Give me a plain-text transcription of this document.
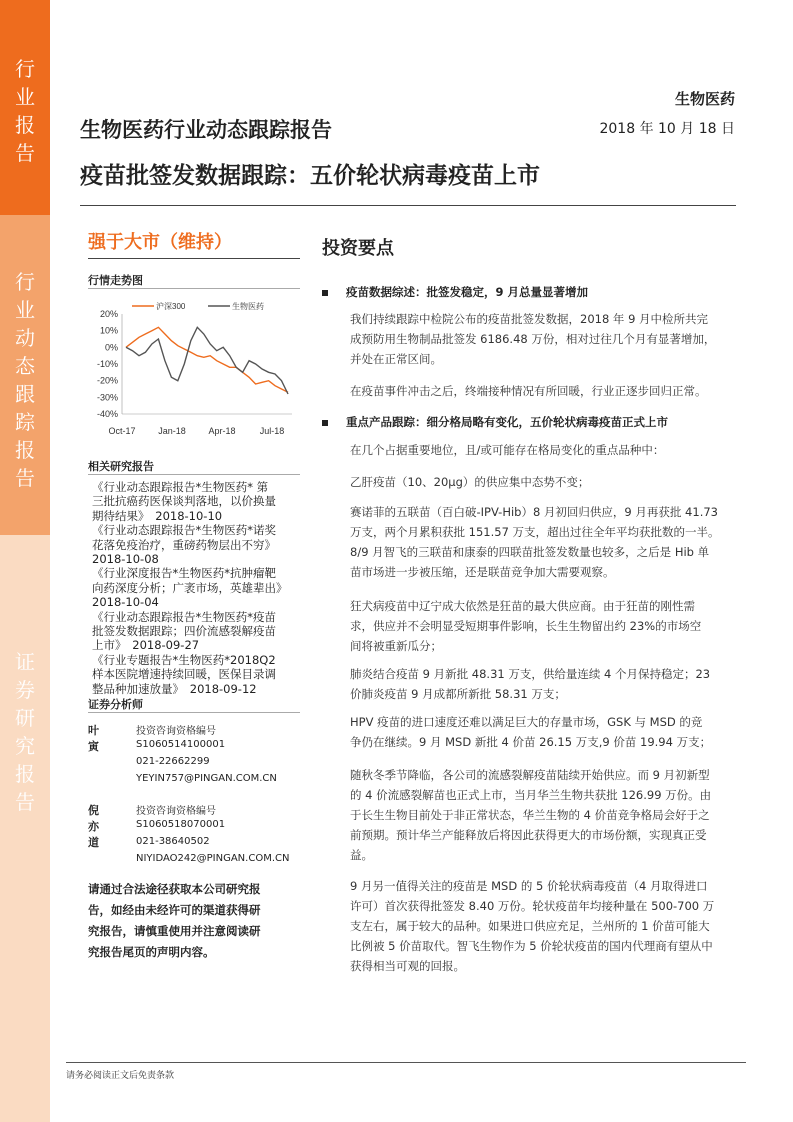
行
业
报
告
行
业
动
态
跟
踪
报
告
证
券
研
究
报
告
生物医药
生物医药行业动态跟踪报告	2018 年 10 月 18 日
疫苗批签发数据跟踪：五价轮状病毒疫苗上市
强于大市（维持）
行情走势图
20%
10%
0%
-10%
-20%
-30%
-40%
Oct-17	Jan-18	Apr-18	Jul-18
沪深300	生物医药
相关研究报告
《行业动态跟踪报告*生物医药* 第
三批抗癌药医保谈判落地，以价换量
期待结果》　2018-10-10
《行业动态跟踪报告*生物医药*诺奖
花落免疫治疗，重磅药物层出不穷》
2018-10-08
《行业深度报告*生物医药*抗肿瘤靶
向药深度分析；广袤市场，英雄辈出》
2018-10-04
《行业动态跟踪报告*生物医药*疫苗
批签发数据跟踪；四价流感裂解疫苗
上市》　2018-09-27
《行业专题报告*生物医药*2018Q2
样本医院增速持续回暖，医保目录调
整品种加速放量》　2018-09-12
证券分析师
叶寅
投资咨询资格编号
S1060514100001
021-22662299
YEYIN757@PINGAN.COM.CN
倪亦道
投资咨询资格编号
S1060518070001
021-38640502
NIYIDAO242@PINGAN.COM.CN
请通过合法途径获取本公司研究报
告，如经由未经许可的渠道获得研
究报告，请慎重使用并注意阅读研
究报告尾页的声明内容。
投资要点
疫苗数据综述：批签发稳定，9 月总量显著增加
我们持续跟踪中检院公布的疫苗批签发数据，2018 年 9 月中检所共完
成预防用生物制品批签发 6186.48 万份，相对过往几个月有显著增加，
并处在正常区间。
在疫苗事件冲击之后，终端接种情况有所回暖，行业正逐步回归正常。
重点产品跟踪：细分格局略有变化，五价轮状病毒疫苗正式上市
在几个占据重要地位，且/或可能存在格局变化的重点品种中：
乙肝疫苗（10、20μg）的供应集中态势不变；
赛诺菲的五联苗（百白破-IPV-Hib）8 月初回归供应，9 月再获批 41.73
万支，两个月累积获批 151.57 万支，超出过往全年平均获批数的一半。
8/9 月智飞的三联苗和康泰的四联苗批签发数量也较多，之后是 Hib 单
苗市场进一步被压缩，还是联苗竞争加大需要观察。
狂犬病疫苗中辽宁成大依然是狂苗的最大供应商。由于狂苗的刚性需
求，供应并不会明显受短期事件影响，长生生物留出约 23%的市场空
间将被重新瓜分；
肺炎结合疫苗 9 月新批 48.31 万支，供给量连续 4 个月保持稳定；23
价肺炎疫苗 9 月成都所新批 58.31 万支；
HPV 疫苗的进口速度还难以满足巨大的存量市场，GSK 与 MSD 的竞
争仍在继续。9 月 MSD 新批 4 价苗 26.15 万支,9 价苗 19.94 万支；
随秋冬季节降临，各公司的流感裂解疫苗陆续开始供应。而 9 月初新型
的 4 价流感裂解苗也正式上市，当月华兰生物共获批 126.99 万份。由
于长生生物目前处于非正常状态，华兰生物的 4 价苗竞争格局会好于之
前预期。预计华兰产能释放后将因此获得更大的市场份额，实现真正受
益。
9 月另一值得关注的疫苗是 MSD 的 5 价轮状病毒疫苗（4 月取得进口
许可）首次获得批签发 8.40 万份。轮状疫苗年均接种量在 500-700 万
支左右，属于较大的品种。如果进口供应充足，兰州所的 1 价苗可能大
比例被 5 价苗取代。智飞生物作为 5 价轮状疫苗的国内代理商有望从中
获得相当可观的回报。
请务必阅读正文后免责条款
